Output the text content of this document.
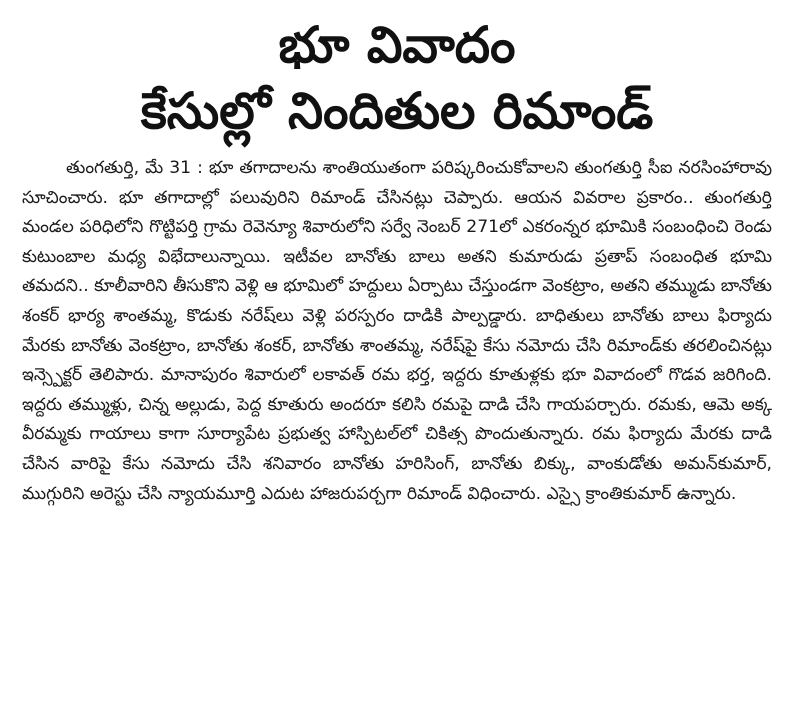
భూ వివాదం
కేసుల్లో నిందితుల రిమాండ్

తుంగతుర్తి, మే 31 : భూ తగాదాలను శాంతియుతంగా పరిష్కరించుకోవాలని తుంగతుర్తి సీఐ నరసింహారావు సూచించారు. భూ తగాదాల్లో పలువురిని రిమాండ్ చేసినట్లు చెప్పారు. ఆయన వివరాల ప్రకారం.. తుంగతుర్తి మండల పరిధిలోని గొట్టిపర్తి గ్రామ రెవెన్యూ శివారులోని సర్వే నెంబర్ 271లో ఎకరంన్నర భూమికి సంబంధించి రెండు కుటుంబాల మధ్య విభేదాలున్నాయి. ఇటీవల బానోతు బాలు అతని కుమారుడు ప్రతాప్ సంబంధిత భూమి తమదని.. కూలీవారిని తీసుకొని వెళ్లి ఆ భూమిలో హద్దులు ఏర్పాటు చేస్తుండగా వెంకట్రాం, అతని తమ్ముడు బానోతు శంకర్ భార్య శాంతమ్మ, కొడుకు నరేష్‌లు వెళ్లి పరస్పరం దాడికి పాల్పడ్డారు. బాధితులు బానోతు బాలు ఫిర్యాదు మేరకు బానోతు వెంకట్రాం, బానోతు శంకర్, బానోతు శాంతమ్మ, నరేష్‌పై కేసు నమోదు చేసి రిమాండ్‌కు తరలించినట్లు ఇన్స్పెక్టర్ తెలిపారు. మానాపురం శివారులో లకావత్ రమ భర్త, ఇద్దరు కూతుళ్లకు భూ వివాదంలో గొడవ జరిగింది. ఇద్దరు తమ్ముళ్లు, చిన్న అల్లుడు, పెద్ద కూతురు అందరూ కలిసి రమపై దాడి చేసి గాయపర్చారు. రమకు, ఆమె అక్క వీరమ్మకు గాయాలు కాగా సూర్యాపేట ప్రభుత్వ హాస్పిటల్‌లో చికిత్స పొందుతున్నారు. రమ ఫిర్యాదు మేరకు దాడి చేసిన వారిపై కేసు నమోదు చేసి శనివారం బానోతు హరిసింగ్, బానోతు బిక్కు, వాంకుడోతు అమన్‌కుమార్, ముగ్గురిని అరెస్టు చేసి న్యాయమూర్తి ఎదుట హాజరుపర్చగా రిమాండ్ విధించారు. ఎస్సై క్రాంతికుమార్ ఉన్నారు.
